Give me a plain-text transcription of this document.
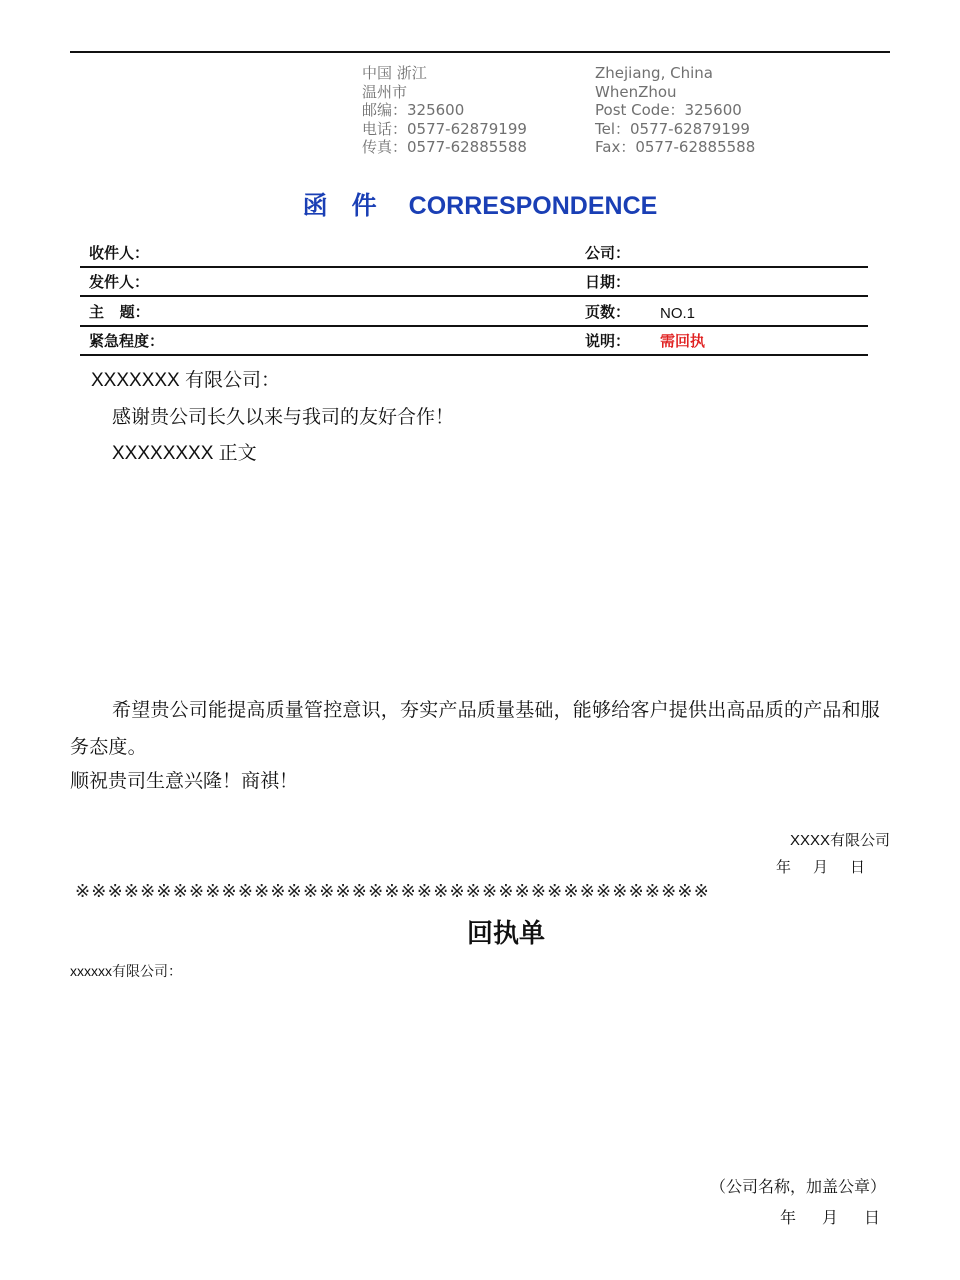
中国 浙江
温州市
邮编：325600
电话：0577-62879199
传真：0577-62885588
Zhejiang, China
WhenZhou
Post Code：325600
Tel：0577-62879199
Fax：0577-62885588
函件 CORRESPONDENCE
收件人：	公司：
发件人：	日期：
主   题：	页数： NO.1
紧急程度：	说明： 需回执
XXXXXXX 有限公司：
感谢贵公司长久以来与我司的友好合作！
XXXXXXXX 正文
希望贵公司能提高质量管控意识，夯实产品质量基础，能够给客户提供出高品质的产品和服务态度。
顺祝贵司生意兴隆！商祺！
XXXX有限公司
年 月 日
※※※※※※※※※※※※※※※※※※※※※※※※※※※※※※※※※※※※※※※
回执单
xxxxxx有限公司：
（公司名称，加盖公章）
年 月 日
